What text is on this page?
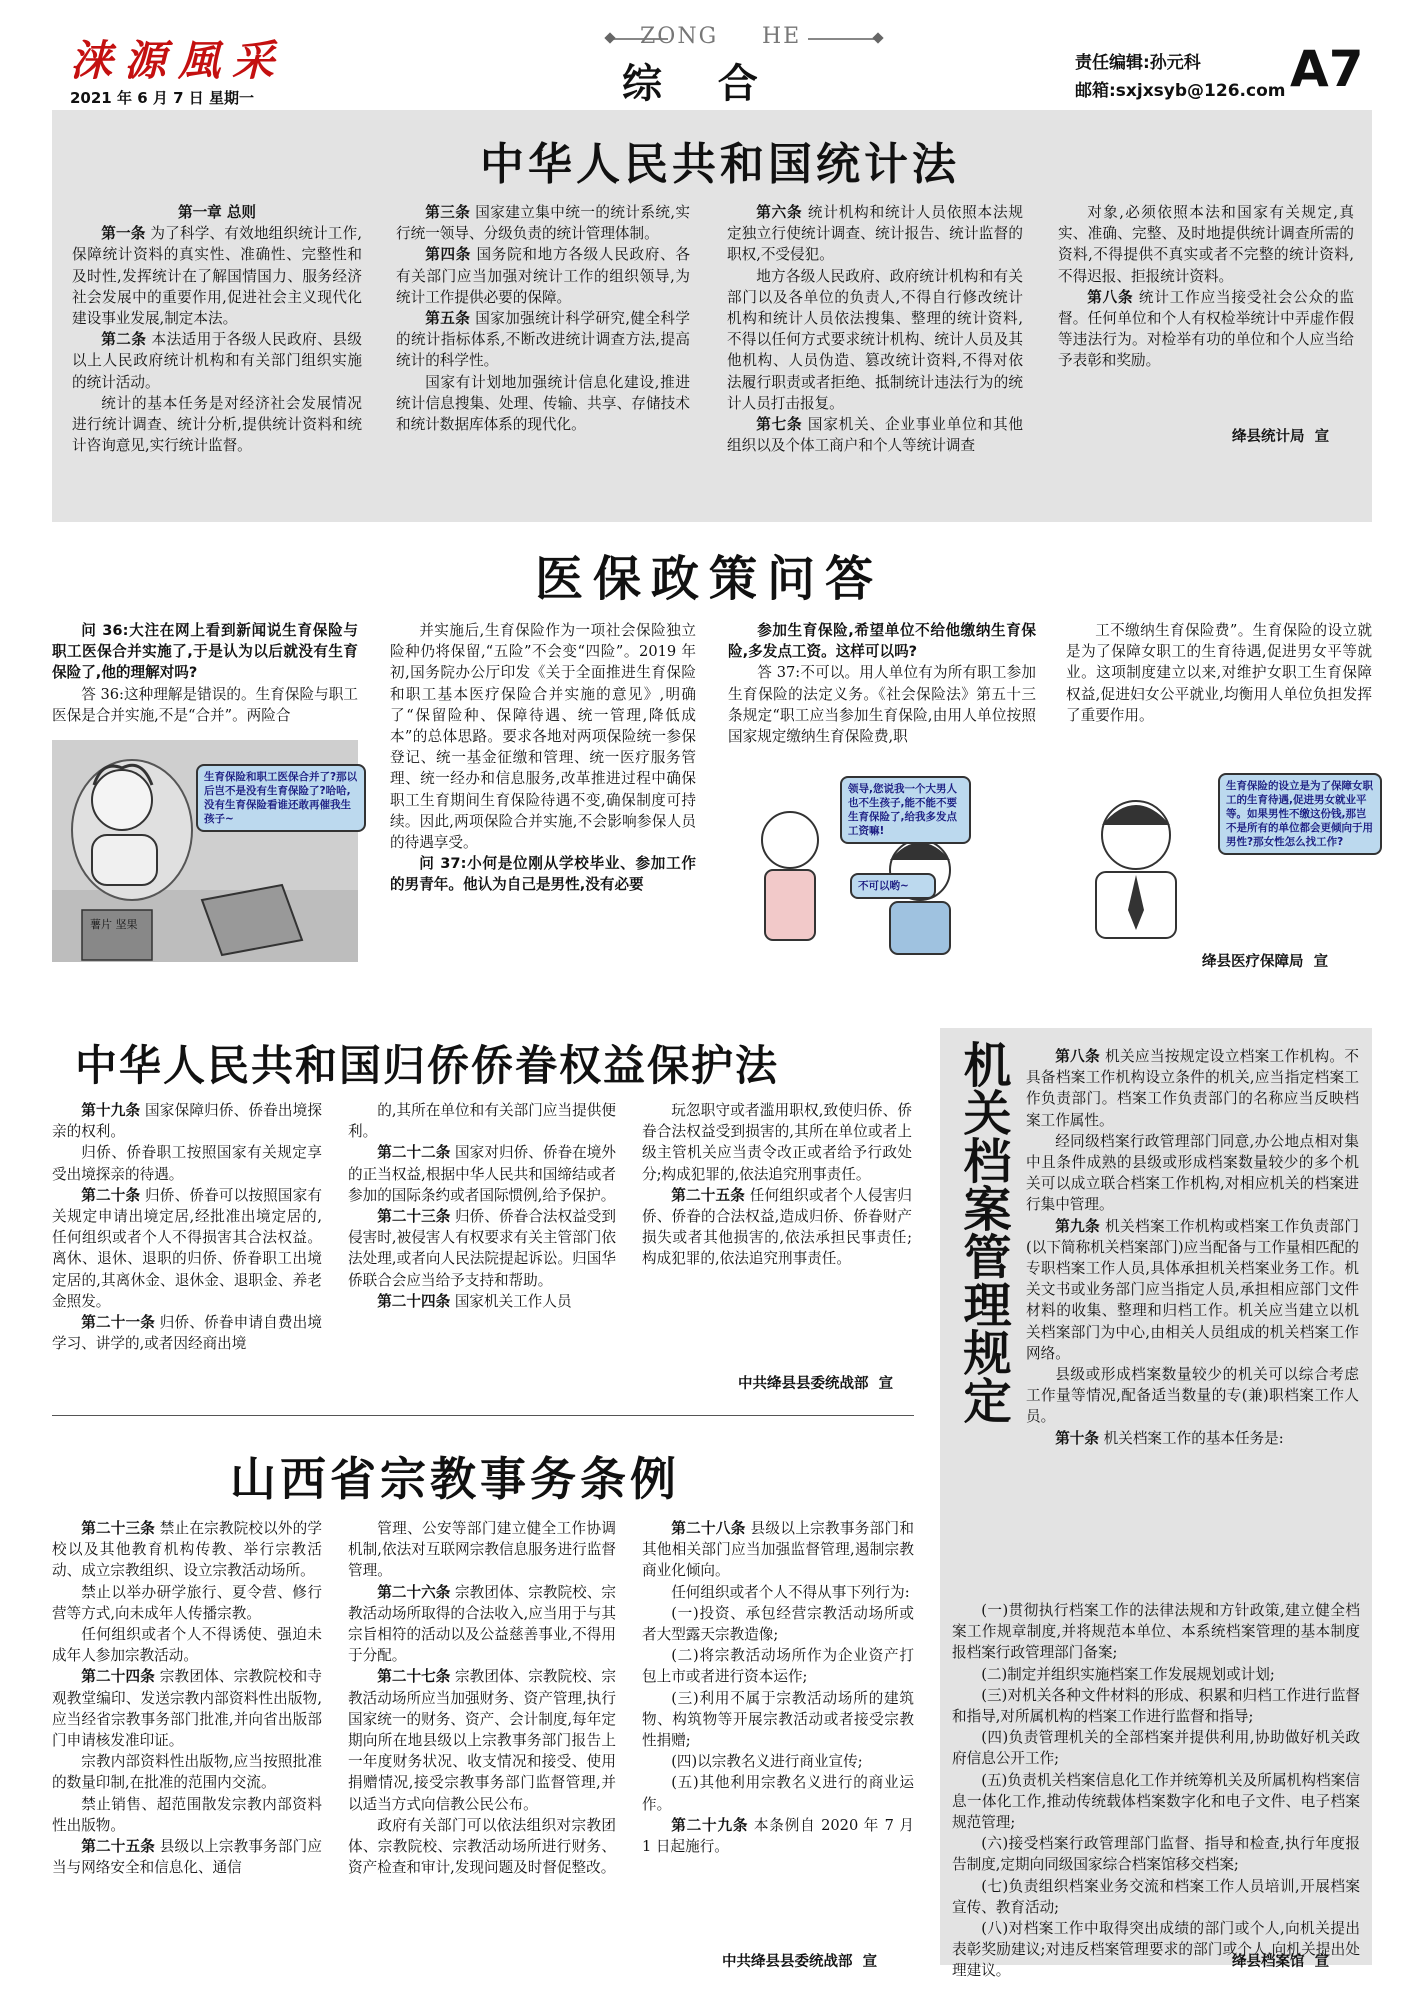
涞源風采
2021 年 6 月 7 日 星期一
ZONG HE
综    合	责任编辑:孙元科
邮箱:sxjxsyb@126.com A7
中华人民共和国统计法

第一章 总则

第一条 为了科学、有效地组织统计工作,保障统计资料的真实性、准确性、完整性和及时性,发挥统计在了解国情国力、服务经济社会发展中的重要作用,促进社会主义现代化建设事业发展,制定本法。

第二条 本法适用于各级人民政府、县级以上人民政府统计机构和有关部门组织实施的统计活动。

统计的基本任务是对经济社会发展情况进行统计调查、统计分析,提供统计资料和统计咨询意见,实行统计监督。

第三条 国家建立集中统一的统计系统,实行统一领导、分级负责的统计管理体制。

第四条 国务院和地方各级人民政府、各有关部门应当加强对统计工作的组织领导,为统计工作提供必要的保障。

第五条 国家加强统计科学研究,健全科学的统计指标体系,不断改进统计调查方法,提高统计的科学性。

国家有计划地加强统计信息化建设,推进统计信息搜集、处理、传输、共享、存储技术和统计数据库体系的现代化。

第六条 统计机构和统计人员依照本法规定独立行使统计调查、统计报告、统计监督的职权,不受侵犯。

地方各级人民政府、政府统计机构和有关部门以及各单位的负责人,不得自行修改统计机构和统计人员依法搜集、整理的统计资料,不得以任何方式要求统计机构、统计人员及其他机构、人员伪造、篡改统计资料,不得对依法履行职责或者拒绝、抵制统计违法行为的统计人员打击报复。

第七条 国家机关、企业事业单位和其他组织以及个体工商户和个人等统计调查

对象,必须依照本法和国家有关规定,真实、准确、完整、及时地提供统计调查所需的资料,不得提供不真实或者不完整的统计资料,不得迟报、拒报统计资料。

第八条 统计工作应当接受社会公众的监督。任何单位和个人有权检举统计中弄虚作假等违法行为。对检举有功的单位和个人应当给予表彰和奖励。

绛县统计局  宣
医保政策问答

问 36:大注在网上看到新闻说生育保险与职工医保合并实施了,于是认为以后就没有生育保险了,他的理解对吗?

答 36:这种理解是错误的。生育保险与职工医保是合并实施,不是“合并”。两险合

并实施后,生育保险作为一项社会保险独立险种仍将保留,“五险”不会变“四险”。2019 年初,国务院办公厅印发《关于全面推进生育保险和职工基本医疗保险合并实施的意见》,明确了“保留险种、保障待遇、统一管理,降低成本”的总体思路。要求各地对两项保险统一参保登记、统一基金征缴和管理、统一医疗服务管理、统一经办和信息服务,改革推进过程中确保职工生育期间生育保险待遇不变,确保制度可持续。因此,两项保险合并实施,不会影响参保人员的待遇享受。

问 37:小何是位刚从学校毕业、参加工作的男青年。他认为自己是男性,没有必要

参加生育保险,希望单位不给他缴纳生育保险,多发点工资。这样可以吗?

答 37:不可以。用人单位有为所有职工参加生育保险的法定义务。《社会保险法》第五十三条规定“职工应当参加生育保险,由用人单位按照国家规定缴纳生育保险费,职

工不缴纳生育保险费”。生育保险的设立就是为了保障女职工的生育待遇,促进男女平等就业。这项制度建立以来,对维护女职工生育保障权益,促进妇女公平就业,均衡用人单位负担发挥了重要作用。

薯片 坚果
生育保险和职工医保合并了?那以后岂不是没有生育保险了?哈哈,没有生育保险看谁还敢再催我生孩子~
领导,您说我一个大男人也不生孩子,能不能不要生育保险了,给我多发点工资嘛!
不可以哟~
生育保险的设立是为了保障女职工的生育待遇,促进男女就业平等。如果男性不缴这份钱,那岂不是所有的单位都会更倾向于用男性?那女性怎么找工作?
绛县医疗保障局  宣
中华人民共和国归侨侨眷权益保护法

第十九条 国家保障归侨、侨眷出境探亲的权利。

归侨、侨眷职工按照国家有关规定享受出境探亲的待遇。

第二十条 归侨、侨眷可以按照国家有关规定申请出境定居,经批准出境定居的,任何组织或者个人不得损害其合法权益。离休、退休、退职的归侨、侨眷职工出境定居的,其离休金、退休金、退职金、养老金照发。

第二十一条 归侨、侨眷申请自费出境学习、讲学的,或者因经商出境

的,其所在单位和有关部门应当提供便利。

第二十二条 国家对归侨、侨眷在境外的正当权益,根据中华人民共和国缔结或者参加的国际条约或者国际惯例,给予保护。

第二十三条 归侨、侨眷合法权益受到侵害时,被侵害人有权要求有关主管部门依法处理,或者向人民法院提起诉讼。归国华侨联合会应当给予支持和帮助。

第二十四条 国家机关工作人员

玩忽职守或者滥用职权,致使归侨、侨眷合法权益受到损害的,其所在单位或者上级主管机关应当责令改正或者给予行政处分;构成犯罪的,依法追究刑事责任。

第二十五条 任何组织或者个人侵害归侨、侨眷的合法权益,造成归侨、侨眷财产损失或者其他损害的,依法承担民事责任;构成犯罪的,依法追究刑事责任。

中共绛县县委统战部  宣
山西省宗教事务条例

第二十三条 禁止在宗教院校以外的学校以及其他教育机构传教、举行宗教活动、成立宗教组织、设立宗教活动场所。

禁止以举办研学旅行、夏令营、修行营等方式,向未成年人传播宗教。

任何组织或者个人不得诱使、强迫未成年人参加宗教活动。

第二十四条 宗教团体、宗教院校和寺观教堂编印、发送宗教内部资料性出版物,应当经省宗教事务部门批准,并向省出版部门申请核发准印证。

宗教内部资料性出版物,应当按照批准的数量印制,在批准的范围内交流。

禁止销售、超范围散发宗教内部资料性出版物。

第二十五条 县级以上宗教事务部门应当与网络安全和信息化、通信

管理、公安等部门建立健全工作协调机制,依法对互联网宗教信息服务进行监督管理。

第二十六条 宗教团体、宗教院校、宗教活动场所取得的合法收入,应当用于与其宗旨相符的活动以及公益慈善事业,不得用于分配。

第二十七条 宗教团体、宗教院校、宗教活动场所应当加强财务、资产管理,执行国家统一的财务、资产、会计制度,每年定期向所在地县级以上宗教事务部门报告上一年度财务状况、收支情况和接受、使用捐赠情况,接受宗教事务部门监督管理,并以适当方式向信教公民公布。

政府有关部门可以依法组织对宗教团体、宗教院校、宗教活动场所进行财务、资产检查和审计,发现问题及时督促整改。

第二十八条 县级以上宗教事务部门和其他相关部门应当加强监督管理,遏制宗教商业化倾向。

任何组织或者个人不得从事下列行为:

(一)投资、承包经营宗教活动场所或者大型露天宗教造像;

(二)将宗教活动场所作为企业资产打包上市或者进行资本运作;

(三)利用不属于宗教活动场所的建筑物、构筑物等开展宗教活动或者接受宗教性捐赠;

(四)以宗教名义进行商业宣传;

(五)其他利用宗教名义进行的商业运作。

第二十九条 本条例自 2020 年 7 月 1 日起施行。

中共绛县县委统战部  宣
机关档案管理规定	第八条 机关应当按规定设立档案工作机构。不具备档案工作机构设立条件的机关,应当指定档案工作负责部门。档案工作负责部门的名称应当反映档案工作属性。

经同级档案行政管理部门同意,办公地点相对集中且条件成熟的县级或形成档案数量较少的多个机关可以成立联合档案工作机构,对相应机关的档案进行集中管理。

第九条 机关档案工作机构或档案工作负责部门(以下简称机关档案部门)应当配备与工作量相匹配的专职档案工作人员,具体承担机关档案业务工作。机关文书或业务部门应当指定人员,承担相应部门文件材料的收集、整理和归档工作。机关应当建立以机关档案部门为中心,由相关人员组成的机关档案工作网络。

县级或形成档案数量较少的机关可以综合考虑工作量等情况,配备适当数量的专(兼)职档案工作人员。

第十条 机关档案工作的基本任务是:

(一)贯彻执行档案工作的法律法规和方针政策,建立健全档案工作规章制度,并将规范本单位、本系统档案管理的基本制度报档案行政管理部门备案;

(二)制定并组织实施档案工作发展规划或计划;

(三)对机关各种文件材料的形成、积累和归档工作进行监督和指导,对所属机构的档案工作进行监督和指导;

(四)负责管理机关的全部档案并提供利用,协助做好机关政府信息公开工作;

(五)负责机关档案信息化工作并统筹机关及所属机构档案信息一体化工作,推动传统载体档案数字化和电子文件、电子档案规范管理;

(六)接受档案行政管理部门监督、指导和检查,执行年度报告制度,定期向同级国家综合档案馆移交档案;

(七)负责组织档案业务交流和档案工作人员培训,开展档案宣传、教育活动;

(八)对档案工作中取得突出成绩的部门或个人,向机关提出表彰奖励建议;对违反档案管理要求的部门或个人,向机关提出处理建议。

绛县档案馆  宣
